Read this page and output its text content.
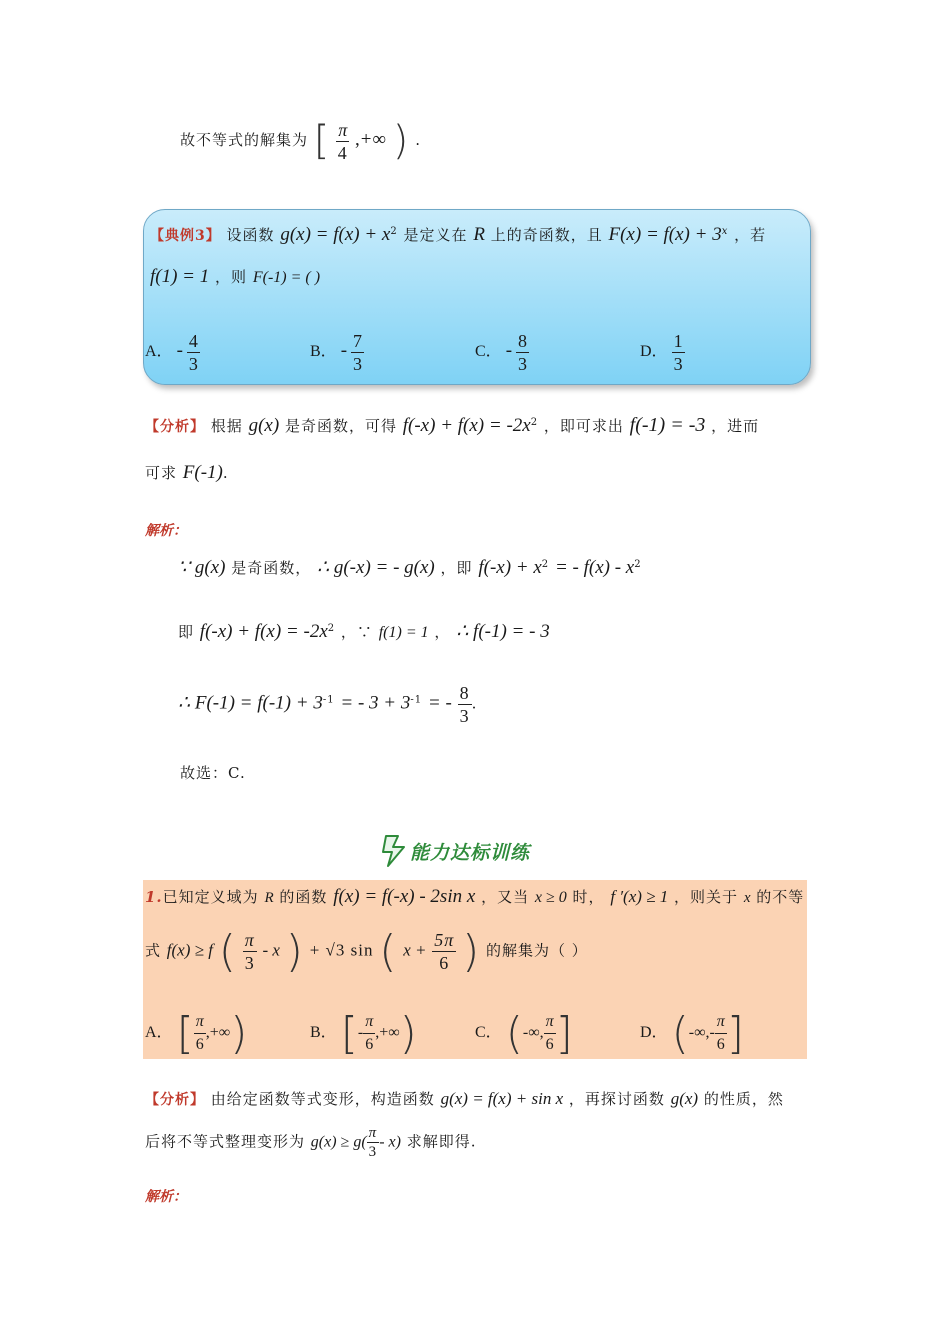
故不等式的解集为 [ $\frac{\pi}{4}$ ,+∞ ) .
【典例3】 设函数 $g(x) = f(x) + x^2$ 是定义在 R 上的奇函数，且 $F(x) = f(x) + 3^x$ ，若
f(1) = 1 ，则 F(-1) = ( )
A． - $\frac{4}{3}$	B． - $\frac{7}{3}$	C． - $\frac{8}{3}$	D． $\frac{1}{3}$
【分析】 根据 g(x) 是奇函数，可得 $f(-x) + f(x) = -2x^2$ ，即可求出 f(-1) = -3 ，进而
可求 F(-1).
解析：
∵ g(x) 是奇函数， ∴ g(-x) = - g(x) ，即 $f(-x) + x^2$ = - $f(x) - x^2$
即 $f(-x) + f(x) = -2x^2$ ，∵ f(1) = 1 ， ∴ f(-1) = - 3
∴ $F(-1) = f(-1) + 3^{-1}$ = - $3 + 3^{-1}$ = - $\frac{8}{3}$ .
故选：C.
能力达标训练
1.已知定义域为 R 的函数 f(x) = f(-x) - 2sin x ，又当 x ≥ 0 时， f ′(x) ≥ 1 ，则关于 x 的不等
式 f(x) ≥ f ( $\frac{\pi}{3}$ - x ) + √3 sin ( $x + \frac{5\pi}{6}$ ) 的解集为（ ）
A． [ $\frac{\pi}{6}$ ,+∞)	B． [- $\frac{\pi}{6}$ ,+∞)	C． (-∞, $\frac{\pi}{6}$ ]	D． (-∞,- $\frac{\pi}{6}$ ]
【分析】 由给定函数等式变形，构造函数 g(x) = f(x) + sin x ，再探讨函数 g(x) 的性质，然
后将不等式整理变形为 $g(x) \ge g( \frac{\pi}{3} - x)$ 求解即得.
解析：
